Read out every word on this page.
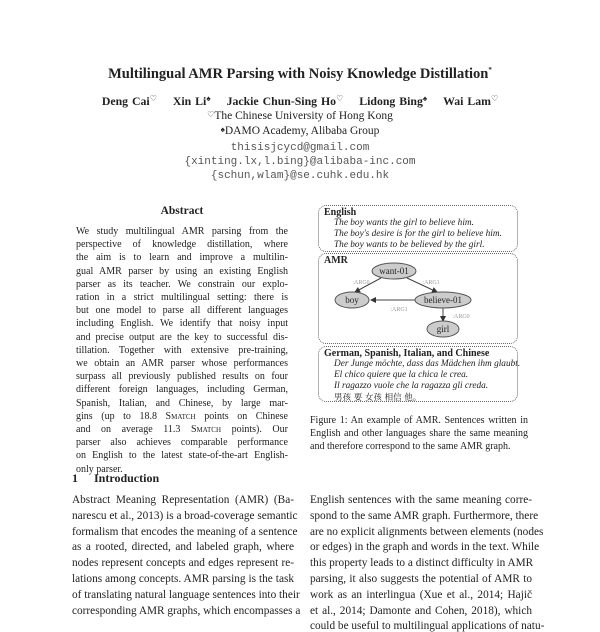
Multilingual AMR Parsing with Noisy Knowledge Distillation*
Deng Cai♡ Xin Li♠ Jackie Chun-Sing Ho♡ Lidong Bing♠ Wai Lam♡
♡The Chinese University of Hong Kong
♠DAMO Academy, Alibaba Group
thisisjcycd@gmail.com
{xinting.lx,l.bing}@alibaba-inc.com
{schun,wlam}@se.cuhk.edu.hk
Abstract
We study multilingual AMR parsing from the
perspective of knowledge distillation, where
the aim is to learn and improve a multilin-
gual AMR parser by using an existing English
parser as its teacher. We constrain our explo-
ration in a strict multilingual setting: there is
but one model to parse all different languages
including English. We identify that noisy input
and precise output are the key to successful dis-
tillation. Together with extensive pre-training,
we obtain an AMR parser whose performances
surpass all previously published results on four
different foreign languages, including German,
Spanish, Italian, and Chinese, by large mar-
gins (up to 18.8 Smatch points on Chinese
and on average 11.3 Smatch points). Our
parser also achieves comparable performance
on English to the latest state-of-the-art English-
only parser.
1 Introduction
Abstract Meaning Representation (AMR) (Ba-
narescu et al., 2013) is a broad-coverage semantic
formalism that encodes the meaning of a sentence
as a rooted, directed, and labeled graph, where
nodes represent concepts and edges represent re-
lations among concepts. AMR parsing is the task
of translating natural language sentences into their
corresponding AMR graphs, which encompasses a
English sentences with the same meaning corre-
spond to the same AMR graph. Furthermore, there
are no explicit alignments between elements (nodes
or edges) in the graph and words in the text. While
this property leads to a distinct difficulty in AMR
parsing, it also suggests the potential of AMR to
work as an interlingua (Xue et al., 2014; Hajič
et al., 2014; Damonte and Cohen, 2018), which
could be useful to multilingual applications of natu-
English
The boy wants the girl to believe him.
The boy's desire is for the girl to believe him.
The boy wants to be believed by the girl.
AMR
want-01
boy	believe-01
girl
:ARG0	:ARG1
:ARG1
:ARG0
German, Spanish, Italian, and Chinese
Der Junge möchte, dass das Mädchen ihm glaubt.
El chico quiere que la chica le crea.
Il ragazzo vuole che la ragazza gli creda.
男孩 要 女孩 相信 他。
Figure 1: An example of AMR. Sentences written in
English and other languages share the same meaning
and therefore correspond to the same AMR graph.
